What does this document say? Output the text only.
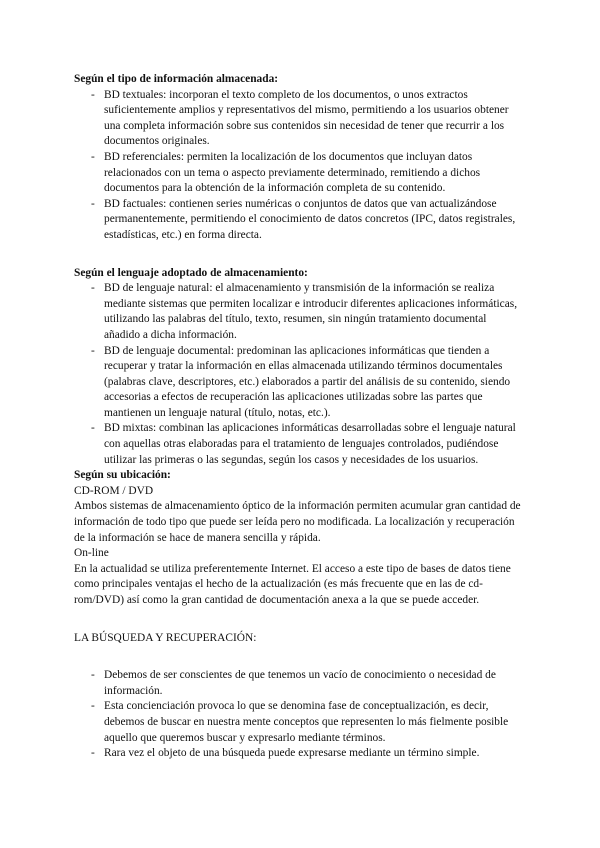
Según el tipo de información almacenada:

- BD textuales: incorporan el texto completo de los documentos, o unos extractos suficientemente amplios y representativos del mismo, permitiendo a los usuarios obtener una completa información sobre sus contenidos sin necesidad de tener que recurrir a los documentos originales.
- BD referenciales: permiten la localización de los documentos que incluyan datos relacionados con un tema o aspecto previamente determinado, remitiendo a dichos documentos para la obtención de la información completa de su contenido.
- BD factuales: contienen series numéricas o conjuntos de datos que van actualizándose permanentemente, permitiendo el conocimiento de datos concretos (IPC, datos registrales, estadísticas, etc.) en forma directa.

Según el lenguaje adoptado de almacenamiento:

- BD de lenguaje natural: el almacenamiento y transmisión de la información se realiza mediante sistemas que permiten localizar e introducir diferentes aplicaciones informáticas, utilizando las palabras del título, texto, resumen, sin ningún tratamiento documental añadido a dicha información.
- BD de lenguaje documental: predominan las aplicaciones informáticas que tienden a recuperar y tratar la información en ellas almacenada utilizando términos documentales (palabras clave, descriptores, etc.) elaborados a partir del análisis de su contenido, siendo accesorias a efectos de recuperación las aplicaciones utilizadas sobre las partes que mantienen un lenguaje natural (título, notas, etc.).
- BD mixtas: combinan las aplicaciones informáticas desarrolladas sobre el lenguaje natural con aquellas otras elaboradas para el tratamiento de lenguajes controlados, pudiéndose utilizar las primeras o las segundas, según los casos y necesidades de los usuarios.

Según su ubicación:

CD-ROM / DVD

Ambos sistemas de almacenamiento óptico de la información permiten acumular gran cantidad de información de todo tipo que puede ser leída pero no modificada. La localización y recuperación de la información se hace de manera sencilla y rápida.

On-line

En la actualidad se utiliza preferentemente Internet. El acceso a este tipo de bases de datos tiene como principales ventajas el hecho de la actualización (es más frecuente que en las de cd-rom/DVD) así como la gran cantidad de documentación anexa a la que se puede acceder.

LA BÚSQUEDA Y RECUPERACIÓN:

- Debemos de ser conscientes de que tenemos un vacío de conocimiento o necesidad de información.
- Esta concienciación provoca lo que se denomina fase de conceptualización, es decir, debemos de buscar en nuestra mente conceptos que representen lo más fielmente posible aquello que queremos buscar y expresarlo mediante términos.
- Rara vez el objeto de una búsqueda puede expresarse mediante un término simple.
